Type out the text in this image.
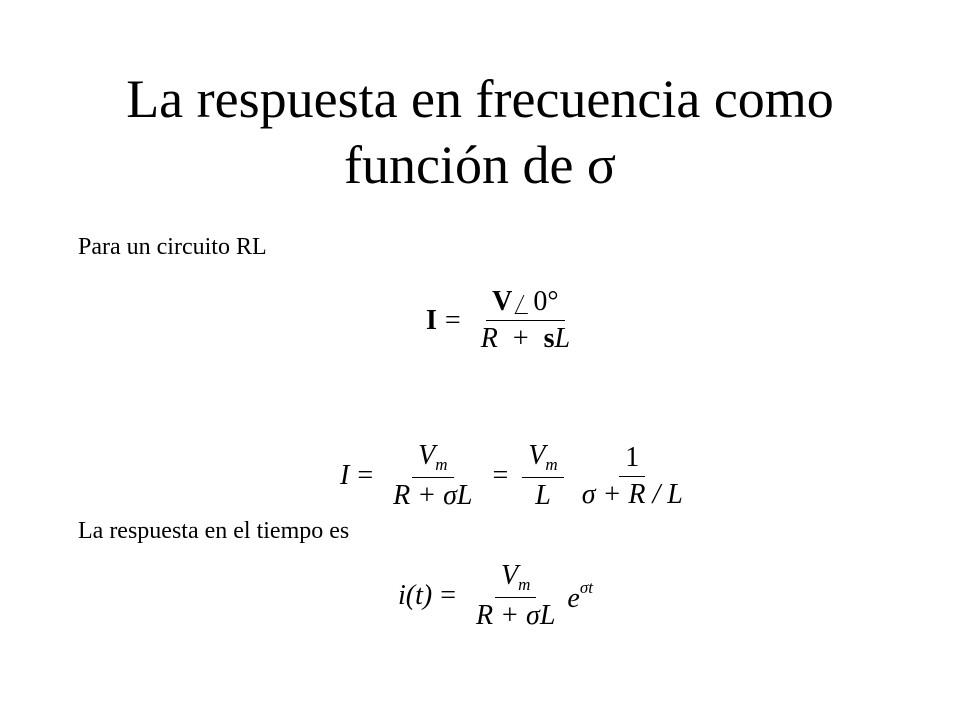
La respuesta en frecuencia como
función de σ
Para un circuito RL
$I = \frac{V 0^\circ}{R + sL}$
$I = \frac{V_m}{R + \sigma L} = \frac{V_m}{L} \frac{1}{\sigma + R / L}$
La respuesta en el tiempo es
$i(t) = \frac{V_m}{R + \sigma L} e^{\sigma t}$
